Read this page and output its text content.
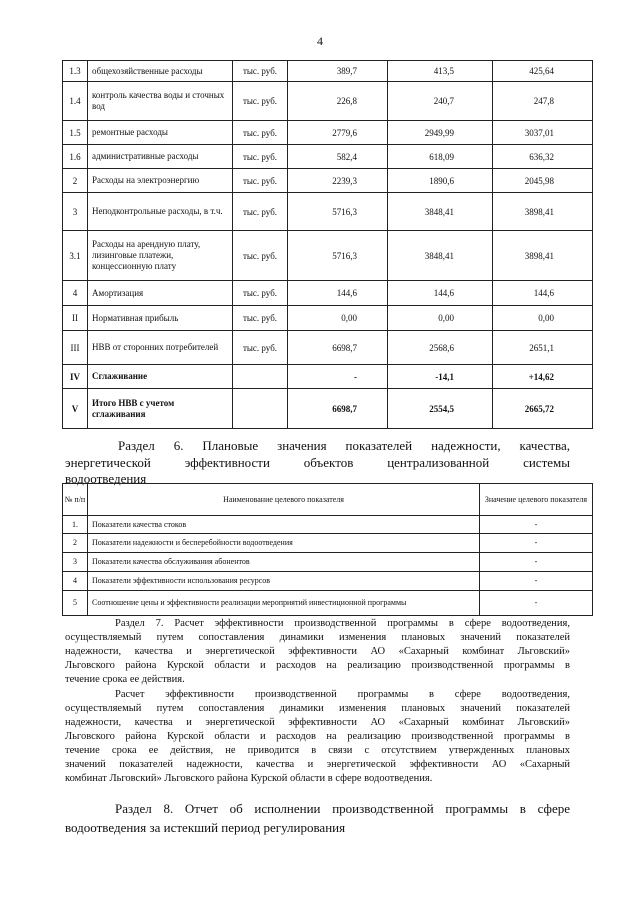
4
1.3	общехозяйственные расходы	тыс. руб.	389,7	413,5	425,64
1.4	контроль качества воды и сточных вод	тыс. руб.	226,8	240,7	247,8
1.5	ремонтные расходы	тыс. руб.	2779,6	2949,99	3037,01
1.6	административные расходы	тыс. руб.	582,4	618,09	636,32
2	Расходы на электроэнергию	тыс. руб.	2239,3	1890,6	2045,98
3	Неподконтрольные расходы, в т.ч.	тыс. руб.	5716,3	3848,41	3898,41
3.1	Расходы на арендную плату, лизинговые платежи, концессионную плату	тыс. руб.	5716,3	3848,41	3898,41
4	Амортизация	тыс. руб.	144,6	144,6	144,6
II	Нормативная прибыль	тыс. руб.	0,00	0,00	0,00
III	НВВ от сторонних потребителей	тыс. руб.	6698,7	2568,6	2651,1
IV	Сглаживание		-	-14,1	+14,62
V	Итого НВВ с учетом сглаживания		6698,7	2554,5	2665,72
Раздел 6. Плановые значения показателей надежности, качества,
энергетической эффективности объектов централизованной системы
водоотведения
№ п/п	Наименование целевого показателя	Значение целевого показателя
1.	Показатели качества стоков	-
2	Показатели надежности и бесперебойности водоотведения	-
3	Показатели качества обслуживания абонентов	-
4	Показатели эффективности использования ресурсов	-
5	Соотношение цены и эффективности реализации мероприятий инвестиционной программы	-
Раздел 7. Расчет эффективности производственной программы в сфере водоотведения,
осуществляемый путем сопоставления динамики изменения плановых значений показателей
надежности, качества и энергетической эффективности АО «Сахарный комбинат Льговский»
Льговского района Курской области и расходов на реализацию производственной программы в
течение срока ее действия.
Расчет эффективности производственной программы в сфере водоотведения,
осуществляемый путем сопоставления динамики изменения плановых значений показателей
надежности, качества и энергетической эффективности АО «Сахарный комбинат Льговский»
Льговского района Курской области и расходов на реализацию производственной программы в
течение срока ее действия, не приводится в связи с отсутствием утвержденных плановых
значений показателей надежности, качества и энергетической эффективности АО «Сахарный
комбинат Льговский» Льговского района Курской области в сфере водоотведения.
Раздел 8. Отчет об исполнении производственной программы в сфере
водоотведения за истекший период регулирования
